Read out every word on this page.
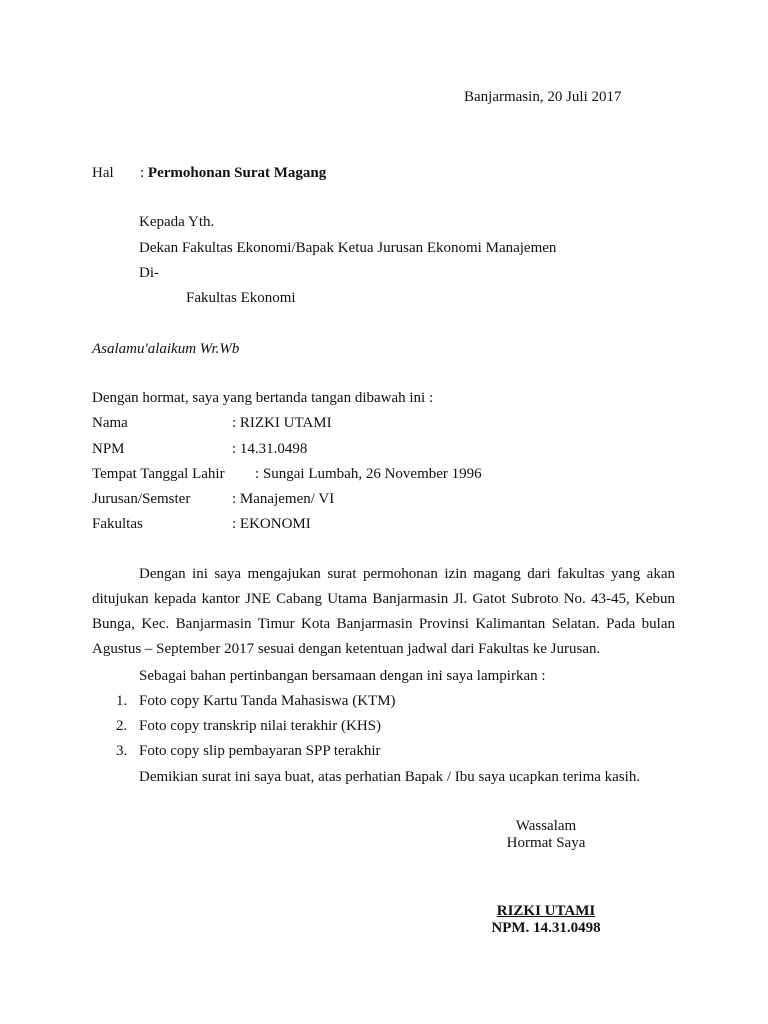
Banjarmasin, 20 Juli 2017
Hal : Permohonan Surat Magang
Kepada Yth.
Dekan Fakultas Ekonomi/Bapak Ketua Jurusan Ekonomi Manajemen
Di-
Fakultas Ekonomi
Asalamu'alaikum Wr.Wb
Dengan hormat, saya yang bertanda tangan dibawah ini :
Nama	: RIZKI UTAMI
NPM	: 14.31.0498
Tempat Tanggal Lahir : Sungai Lumbah, 26 November 1996
Jurusan/Semster	: Manajemen/ VI
Fakultas	: EKONOMI
Dengan ini saya mengajukan surat permohonan izin magang dari fakultas yang akan ditujukan kepada kantor JNE Cabang Utama Banjarmasin Jl. Gatot Subroto No. 43-45, Kebun Bunga, Kec. Banjarmasin Timur Kota Banjarmasin Provinsi Kalimantan Selatan. Pada bulan Agustus – September 2017 sesuai dengan ketentuan jadwal dari Fakultas ke Jurusan.
Sebagai bahan pertinbangan bersamaan dengan ini saya lampirkan :
1. Foto copy Kartu Tanda Mahasiswa (KTM)
2. Foto copy transkrip nilai terakhir (KHS)
3. Foto copy slip pembayaran SPP terakhir
Demikian surat ini saya buat, atas perhatian Bapak / Ibu saya ucapkan terima kasih.
Wassalam
Hormat Saya
RIZKI UTAMI
NPM. 14.31.0498
